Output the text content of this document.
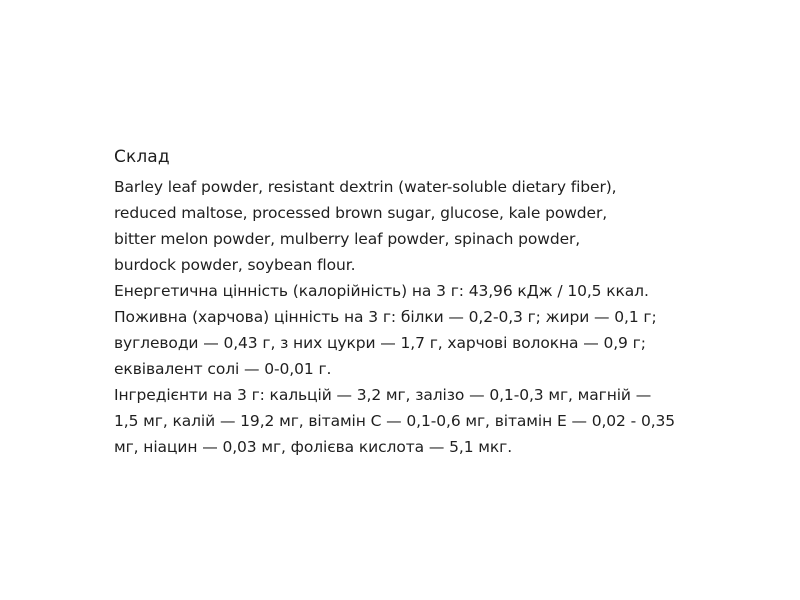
Склад
Barley leaf powder, resistant dextrin (water-soluble dietary fiber),
reduced maltose, processed brown sugar, glucose, kale powder,
bitter melon powder, mulberry leaf powder, spinach powder,
burdock powder, soybean flour.
Енергетична цінність (калорійність) на 3 г: 43,96 кДж / 10,5 ккал.
Поживна (харчова) цінність на 3 г: білки — 0,2-0,3 г; жири — 0,1 г;
вуглеводи — 0,43 г, з них цукри — 1,7 г, харчові волокна — 0,9 г;
еквівалент солі — 0-0,01 г.
Інгредієнти на 3 г: кальцій — 3,2 мг, залізо — 0,1-0,3 мг, магній —
1,5 мг, калій — 19,2 мг, вітамін C — 0,1-0,6 мг, вітамін E — 0,02 - 0,35
мг, ніацин — 0,03 мг, фолієва кислота — 5,1 мкг.
